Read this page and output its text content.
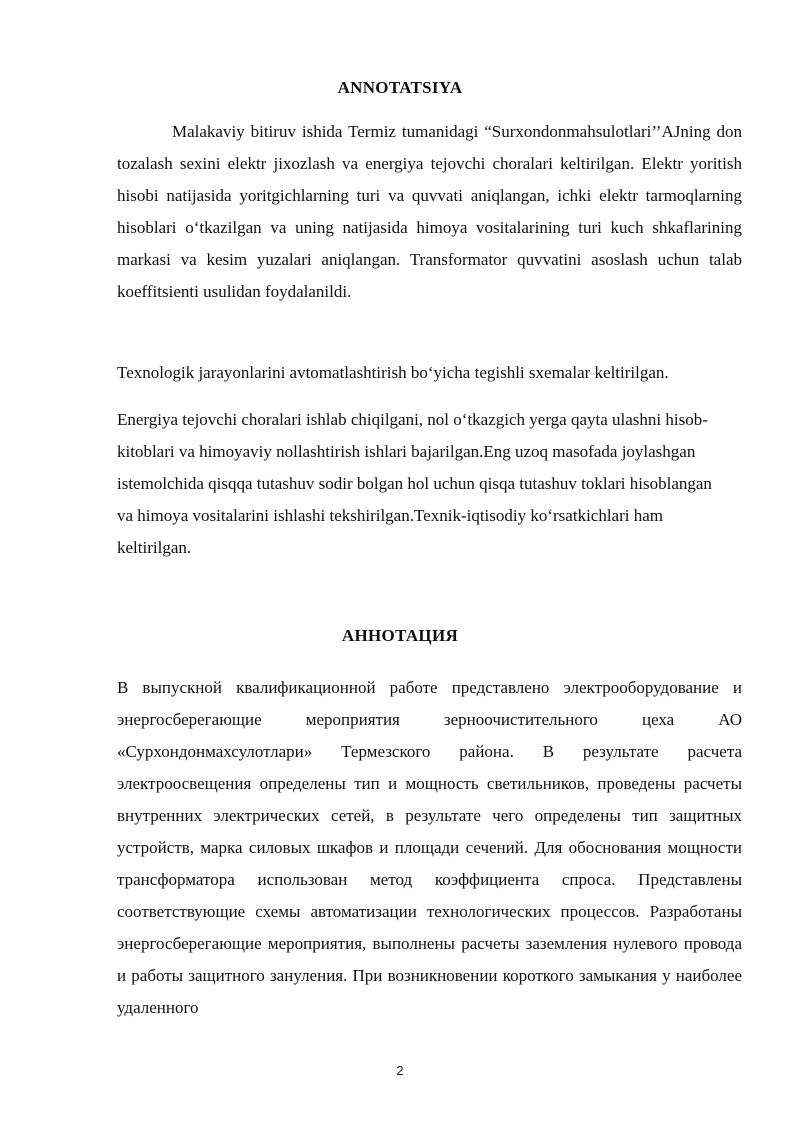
ANNOTATSIYA

Malakaviy bitiruv ishida Termiz tumanidagi “Surxondonmahsulotlari’’AJning don tozalash sexini elektr jixozlash va energiya tejovchi choralari keltirilgan. Elektr yoritish hisobi natijasida yoritgichlarning turi va quvvati aniqlangan, ichki elektr tarmoqlarning hisoblari o‘tkazilgan va uning natijasida himoya vositalarining turi kuch shkaflarining markasi va kesim yuzalari aniqlangan. Transformator quvvatini asoslash uchun talab koeffitsienti usulidan foydalanildi.

Texnologik jarayonlarini avtomatlashtirish bo‘yicha tegishli sxemalar keltirilgan.

Energiya tejovchi choralari ishlab chiqilgani, nol o‘tkazgich yerga qayta ulashni hisob-kitoblari va himoyaviy nollashtirish ishlari bajarilgan.Eng uzoq masofada joylashgan istemolchida qisqqa tutashuv sodir bolgan hol uchun qisqa tutashuv toklari hisoblangan va himoya vositalarini ishlashi tekshirilgan.Texnik-iqtisodiy ko‘rsatkichlari ham keltirilgan.

АННОТАЦИЯ

В выпускной квалификационной работе представлено электрооборудование и энергосберегающие мероприятия зерноочистительного цеха АО «Сурхондонмахсулотлари» Термезского района. В результате расчета электроосвещения определены тип и мощность светильников, проведены расчеты внутренних электрических сетей, в результате чего определены тип защитных устройств, марка силовых шкафов и площади сечений. Для обоснования мощности трансформатора использован метод коэффициента спроса. Представлены соответствующие схемы автоматизации технологических процессов. Разработаны энергосберегающие мероприятия, выполнены расчеты заземления нулевого провода и работы защитного зануления. При возникновении короткого замыкания у наиболее удаленного

2
